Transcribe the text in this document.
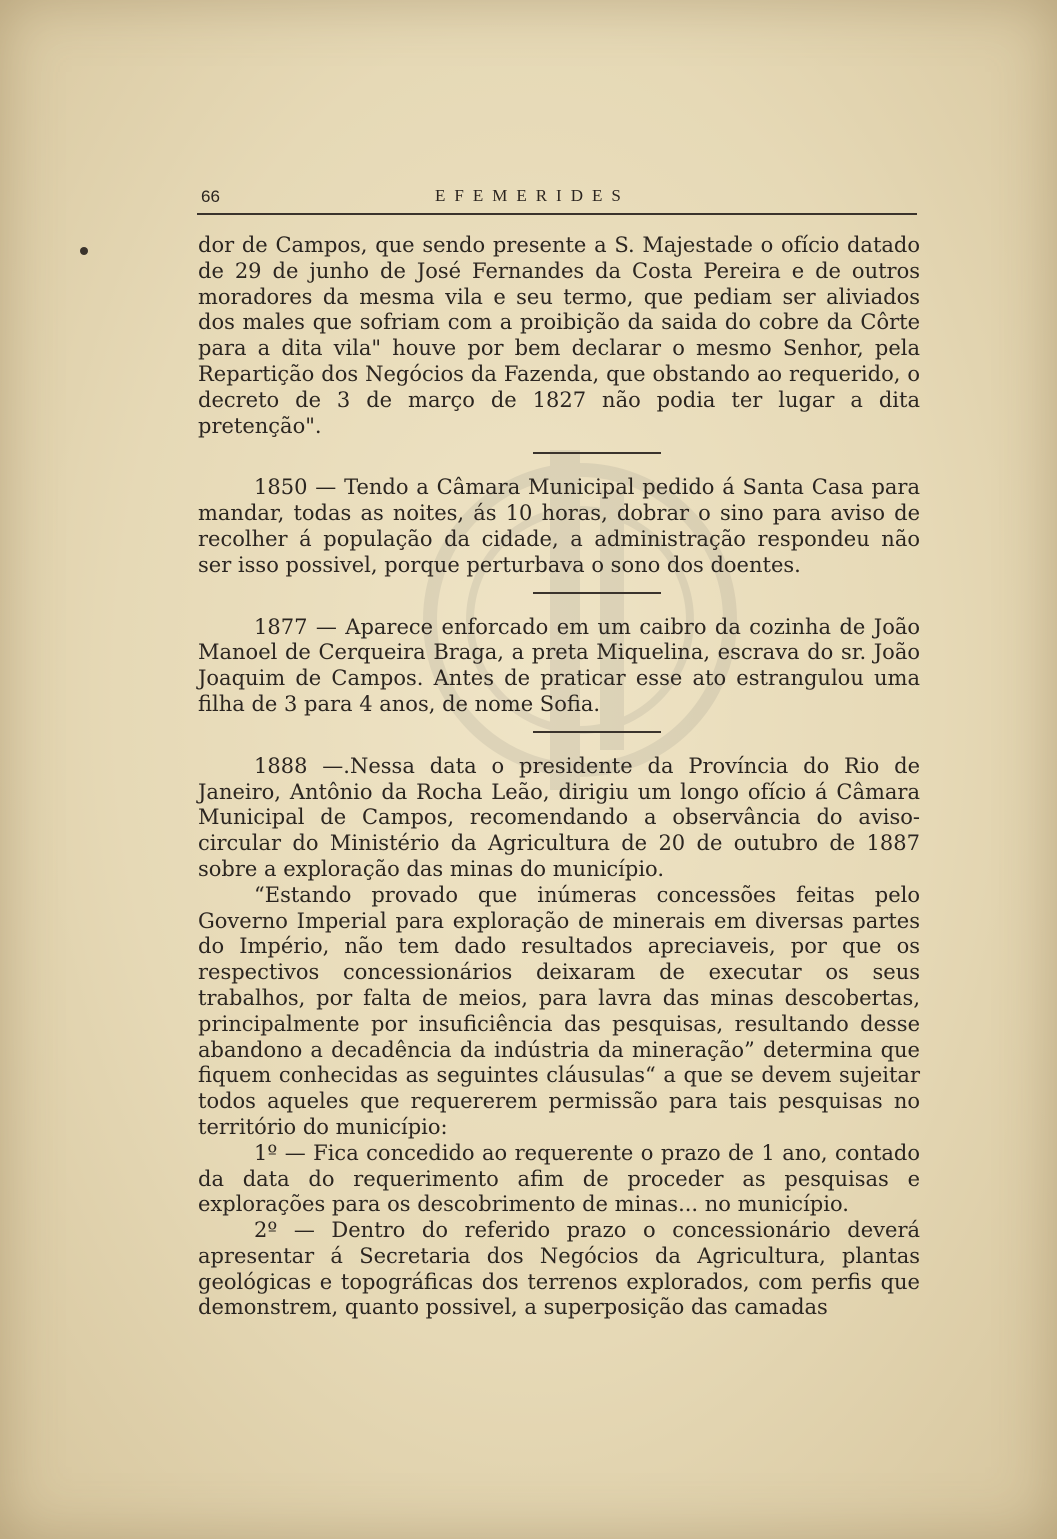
66	EFEMERIDES

dor de Campos, que sendo presente a S. Majestade o ofício datado de 29 de junho de José Fernandes da Costa Pereira e de outros moradores da mesma vila e seu termo, que pediam ser aliviados dos males que sofriam com a proibição da saida do cobre da Côrte para a dita vila" houve por bem declarar o mesmo Senhor, pela Repartição dos Negócios da Fazenda, que obstando ao requerido, o decreto de 3 de março de 1827 não podia ter lugar a dita pretenção".

1850 — Tendo a Câmara Municipal pedido á Santa Casa para mandar, todas as noites, ás 10 horas, dobrar o sino para aviso de recolher á população da cidade, a administração respondeu não ser isso possivel, porque perturbava o sono dos doentes.

1877 — Aparece enforcado em um caibro da cozinha de João Manoel de Cerqueira Braga, a preta Miquelina, escrava do sr. João Joaquim de Campos. Antes de praticar esse ato estrangulou uma filha de 3 para 4 anos, de nome Sofia.

1888 —.Nessa data o presidente da Província do Rio de Janeiro, Antônio da Rocha Leão, dirigiu um longo ofício á Câmara Municipal de Campos, recomendando a observância do aviso-circular do Ministério da Agricultura de 20 de outubro de 1887 sobre a exploração das minas do município.

“Estando provado que inúmeras concessões feitas pelo Governo Imperial para exploração de minerais em diversas partes do Império, não tem dado resultados apreciaveis, por que os respectivos concessionários deixaram de executar os seus trabalhos, por falta de meios, para lavra das minas descobertas, principalmente por insuficiência das pesquisas, resultando desse abandono a decadência da indústria da mineração” determina que fiquem conhecidas as seguintes cláusulas“ a que se devem sujeitar todos aqueles que requererem permissão para tais pesquisas no território do município:

1º — Fica concedido ao requerente o prazo de 1 ano, contado da data do requerimento afim de proceder as pesquisas e explorações para os descobrimento de minas... no município.

2º — Dentro do referido prazo o concessionário deverá apresentar á Secretaria dos Negócios da Agricultura, plantas geológicas e topográficas dos terrenos explorados, com perfis que demonstrem, quanto possivel, a superposição das camadas
